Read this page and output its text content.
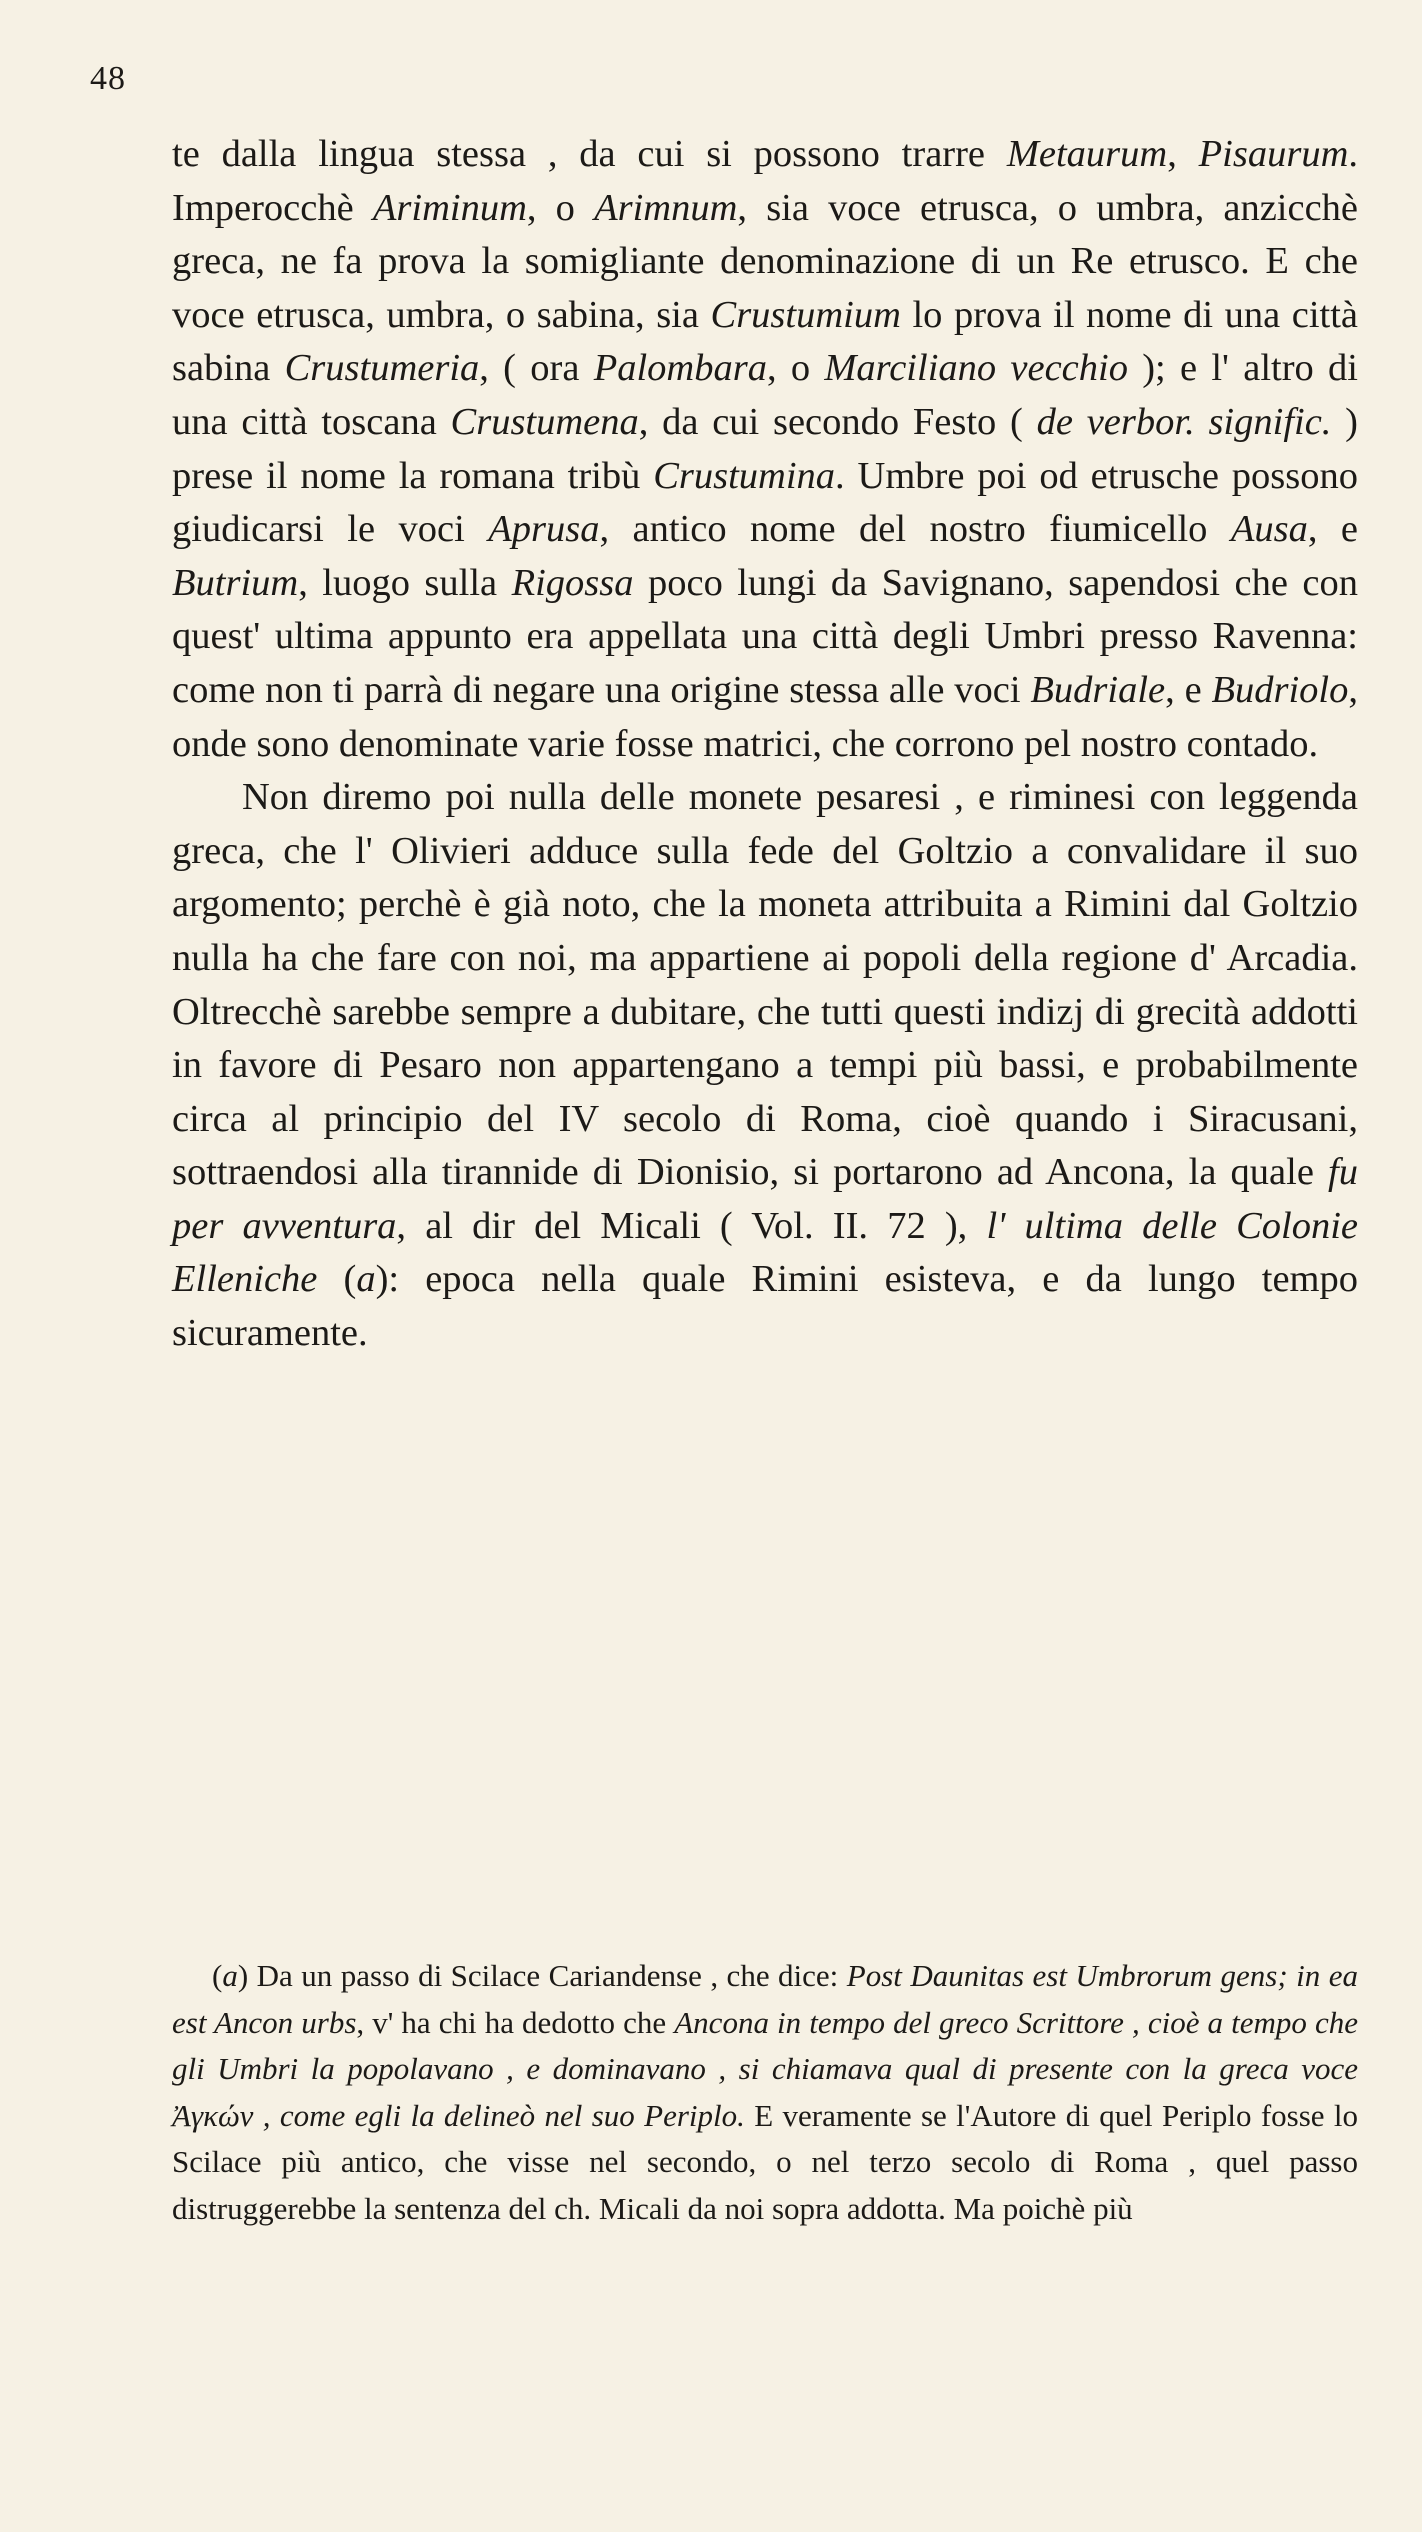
48

te dalla lingua stessa , da cui si possono trarre Metaurum, Pisaurum. Imperocchè Ariminum, o Arimnum, sia voce etrusca, o umbra, anzicchè greca, ne fa prova la somigliante denominazione di un Re etrusco. E che voce etrusca, umbra, o sabina, sia Crustumium lo prova il nome di una città sabina Crustumeria, ( ora Palombara, o Marciliano vecchio ); e l' altro di una città toscana Crustumena, da cui secondo Festo ( de verbor. signific. ) prese il nome la romana tribù Crustumina. Umbre poi od etrusche possono giudicarsi le voci Aprusa, antico nome del nostro fiumicello Ausa, e Butrium, luogo sulla Rigossa poco lungi da Savignano, sapendosi che con quest' ultima appunto era appellata una città degli Umbri presso Ravenna: come non ti parrà di negare una origine stessa alle voci Budriale, e Budriolo, onde sono denominate varie fosse matrici, che corrono pel nostro contado.

Non diremo poi nulla delle monete pesaresi , e riminesi con leggenda greca, che l' Olivieri adduce sulla fede del Goltzio a convalidare il suo argomento; perchè è già noto, che la moneta attribuita a Rimini dal Goltzio nulla ha che fare con noi, ma appartiene ai popoli della regione d' Arcadia. Oltrecchè sarebbe sempre a dubitare, che tutti questi indizj di grecità addotti in favore di Pesaro non appartengano a tempi più bassi, e probabilmente circa al principio del IV secolo di Roma, cioè quando i Siracusani, sottraendosi alla tirannide di Dionisio, si portarono ad Ancona, la quale fu per avventura, al dir del Micali ( Vol. II. 72 ), l' ultima delle Colonie Elleniche (a): epoca nella quale Rimini esisteva, e da lungo tempo sicuramente.

(a) Da un passo di Scilace Cariandense , che dice: Post Daunitas est Umbrorum gens; in ea est Ancon urbs, v' ha chi ha dedotto che Ancona in tempo del greco Scrittore , cioè a tempo che gli Umbri la popolavano , e dominavano , si chiamava qual di presente con la greca voce Ἀγκών , come egli la delineò nel suo Periplo. E veramente se l'Autore di quel Periplo fosse lo Scilace più antico, che visse nel secondo, o nel terzo secolo di Roma , quel passo distruggerebbe la sentenza del ch. Micali da noi sopra addotta. Ma poichè più
